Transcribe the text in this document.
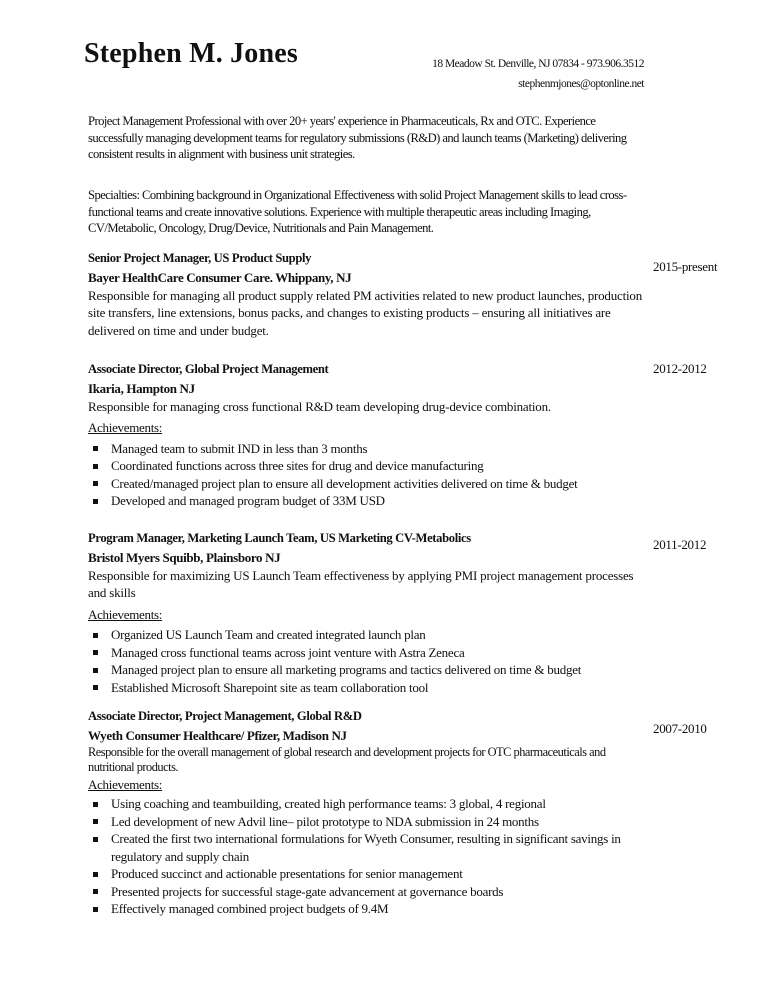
Stephen M. Jones	18 Meadow St. Denville, NJ 07834 - 973.906.3512
stephenmjones@optonline.net
Project Management Professional with over 20+ years' experience in Pharmaceuticals, Rx and OTC. Experience successfully managing development teams for regulatory submissions (R&D) and launch teams (Marketing) delivering consistent results in alignment with business unit strategies.
Specialties: Combining background in Organizational Effectiveness with solid Project Management skills to lead cross-functional teams and create innovative solutions. Experience with multiple therapeutic areas including Imaging, CV/Metabolic, Oncology, Drug/Device, Nutritionals and Pain Management.
Senior Project Manager, US Product Supply
Bayer HealthCare Consumer Care. Whippany, NJ
Responsible for managing all product supply related PM activities related to new product launches, production site transfers, line extensions, bonus packs, and changes to existing products – ensuring all initiatives are delivered on time and under budget.
2015-present
Associate Director, Global Project Management
Ikaria, Hampton NJ
Responsible for managing cross functional R&D team developing drug-device combination.
Achievements:
Managed team to submit IND in less than 3 months
Coordinated functions across three sites for drug and device manufacturing
Created/managed project plan to ensure all development activities delivered on time & budget
Developed and managed program budget of 33M USD
2012-2012
Program Manager, Marketing Launch Team, US Marketing CV-Metabolics
Bristol Myers Squibb, Plainsboro NJ
Responsible for maximizing US Launch Team effectiveness by applying PMI project management processes and skills
Achievements:
Organized US Launch Team and created integrated launch plan
Managed cross functional teams across joint venture with Astra Zeneca
Managed project plan to ensure all marketing programs and tactics delivered on time & budget
Established Microsoft Sharepoint site as team collaboration tool
2011-2012
Associate Director, Project Management, Global R&D
Wyeth Consumer Healthcare/ Pfizer, Madison NJ
Responsible for the overall management of global research and development projects for OTC pharmaceuticals and nutritional products.
Achievements:
Using coaching and teambuilding, created high performance teams: 3 global, 4 regional
Led development of new Advil line– pilot prototype to NDA submission in 24 months
Created the first two international formulations for Wyeth Consumer, resulting in significant savings in regulatory and supply chain
Produced succinct and actionable presentations for senior management
Presented projects for successful stage-gate advancement at governance boards
Effectively managed combined project budgets of 9.4M
2007-2010
